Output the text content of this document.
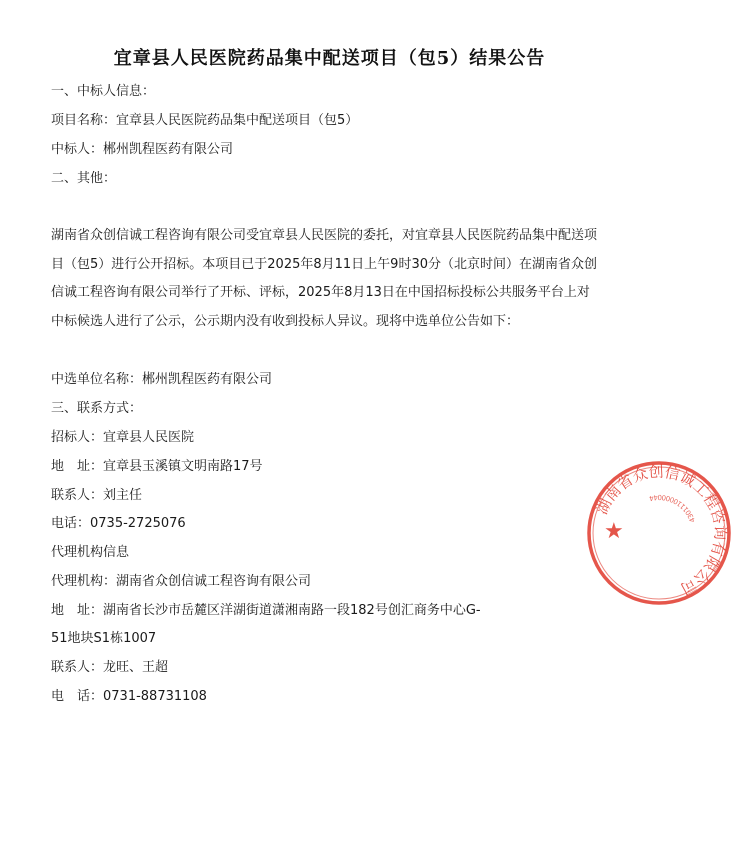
宜章县人民医院药品集中配送项目（包5）结果公告
一、中标人信息：
项目名称：宜章县人民医院药品集中配送项目（包5）
中标人：郴州凯程医药有限公司
二、其他：
湖南省众创信诚工程咨询有限公司受宜章县人民医院的委托，对宜章县人民医院药品集中配送项目（包5）进行公开招标。本项目已于2025年8月11日上午9时30分（北京时间）在湖南省众创信诚工程咨询有限公司举行了开标、评标，2025年8月13日在中国招标投标公共服务平台上对中标候选人进行了公示，公示期内没有收到投标人异议。现将中选单位公告如下：
中选单位名称：郴州凯程医药有限公司
三、联系方式：
招标人：宜章县人民医院
地　址：宜章县玉溪镇文明南路17号
联系人：刘主任
电话：0735-2725076
代理机构信息
代理机构：湖南省众创信诚工程咨询有限公司
地　址：湖南省长沙市岳麓区洋湖街道潇湘南路一段182号创汇商务中心G-
51地块S1栋1007
联系人：龙旺、王超
电　话：0731-88731108
湖南省众创信诚工程咨询有限公司
4301110000044
★
